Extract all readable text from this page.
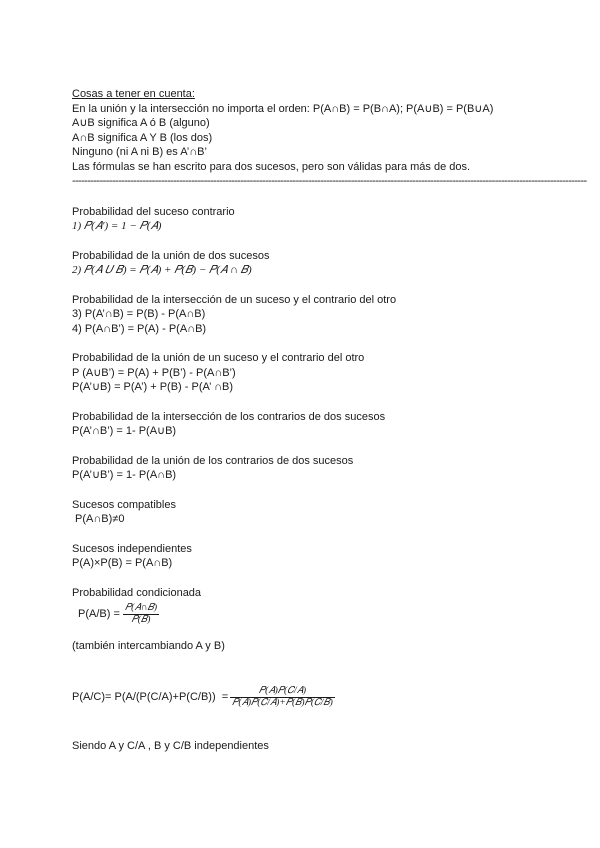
Cosas a tener en cuenta:
En la unión y la intersección no importa el orden: P(A∩B) = P(B∩A); P(A∪B) = P(B∪A)
A∪B significa A ó B (alguno)
A∩B significa A Y B (los dos)
Ninguno (ni A ni B) es A’∩B’
Las fórmulas se han escrito para dos sucesos, pero son válidas para más de dos.
------------------------------------------------------------------------------------------------------------------------------------------------------------------------
Probabilidad del suceso contrario
1) 𝑃(𝐴′) = 1 − 𝑃(𝐴)
Probabilidad de la unión de dos sucesos
2) 𝑃(𝐴 𝑈 𝐵) = 𝑃(𝐴) + 𝑃(𝐵) − 𝑃(𝐴 ∩ 𝐵)
Probabilidad de la intersección de un suceso y el contrario del otro
3) P(A’∩B) = P(B) - P(A∩B)
4) P(A∩B’) = P(A) - P(A∩B)
Probabilidad de la unión de un suceso y el contrario del otro
P (A∪B’) = P(A) + P(B’) - P(A∩B’)
P(A’∪B) = P(A’) + P(B) - P(A’ ∩B)
Probabilidad de la intersección de los contrarios de dos sucesos
P(A’∩B’) = 1- P(A∪B)
Probabilidad de la unión de los contrarios de dos sucesos
P(A’∪B’) = 1- P(A∩B)
Sucesos compatibles
P(A∩B)≠0
Sucesos independientes
P(A)×P(B) = P(A∩B)
Probabilidad condicionada
$P(A/B) = \frac{\text{𝑃(𝐴∩𝐵)}}{\text{𝑃(𝐵)}}$
(también intercambiando A y B)
$P(A/C)= P(A/(P(C/A)+P(C/B)) = \frac{\text{𝑃(𝐴)𝑃(𝐶/𝐴)}}{\text{𝑃(𝐴)𝑃(𝐶/𝐴)+𝑃(𝐵)𝑃(𝐶/𝐵)}}$
Siendo A y C/A , B y C/B independientes
